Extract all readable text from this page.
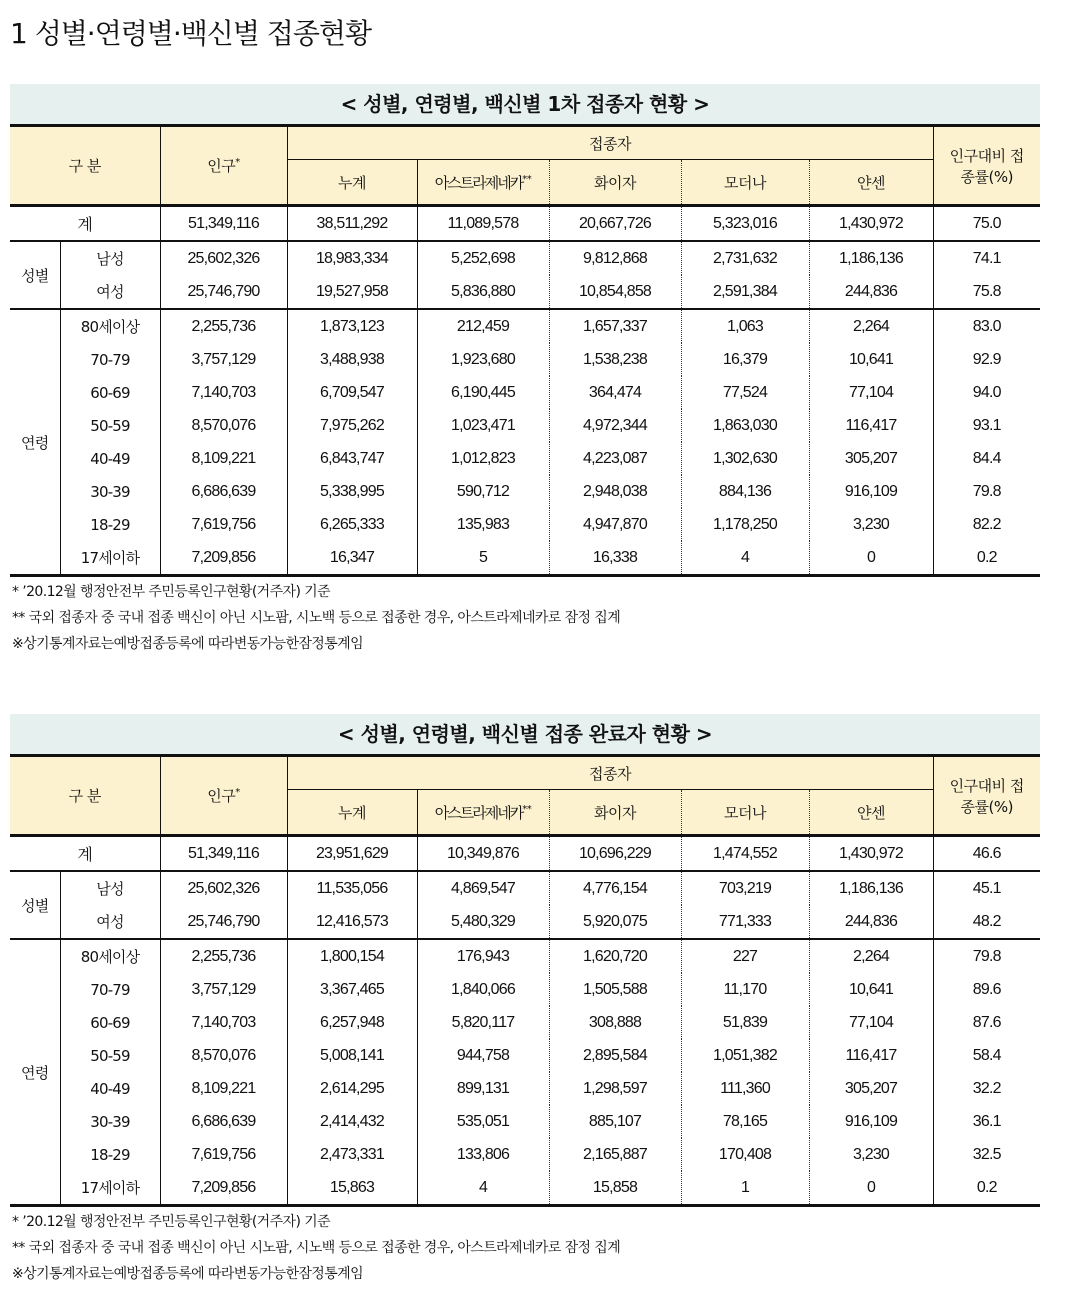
1 성별·연령별·백신별 접종현황
< 성별, 연령별, 백신별 1차 접종자 현황 >
구 분		인구*	접종자					인구대비 접
종률(%)
			누계	아스트라제네카**	화이자	모더나	얀센	
계		51,349,116	38,511,292	11,089,578	20,667,726	5,323,016	1,430,972	75.0
성별	남성	25,602,326	18,983,334	5,252,698	9,812,868	2,731,632	1,186,136	74.1
	여성	25,746,790	19,527,958	5,836,880	10,854,858	2,591,384	244,836	75.8
연령	80세이상	2,255,736	1,873,123	212,459	1,657,337	1,063	2,264	83.0
	70-79	3,757,129	3,488,938	1,923,680	1,538,238	16,379	10,641	92.9
	60-69	7,140,703	6,709,547	6,190,445	364,474	77,524	77,104	94.0
	50-59	8,570,076	7,975,262	1,023,471	4,972,344	1,863,030	116,417	93.1
	40-49	8,109,221	6,843,747	1,012,823	4,223,087	1,302,630	305,207	84.4
	30-39	6,686,639	5,338,995	590,712	2,948,038	884,136	916,109	79.8
	18-29	7,619,756	6,265,333	135,983	4,947,870	1,178,250	3,230	82.2
	17세이하	7,209,856	16,347	5	16,338	4	0	0.2
* ’20.12월 행정안전부 주민등록인구현황(거주자) 기준
** 국외 접종자 중 국내 접종 백신이 아닌 시노팜, 시노백 등으로 접종한 경우, 아스트라제네카로 잠정 집계
※상기통계자료는예방접종등록에 따라변동가능한잠정통계임
< 성별, 연령별, 백신별 접종 완료자 현황 >
구 분		인구*	접종자					인구대비 접
종률(%)
			누계	아스트라제네카**	화이자	모더나	얀센	
계		51,349,116	23,951,629	10,349,876	10,696,229	1,474,552	1,430,972	46.6
성별	남성	25,602,326	11,535,056	4,869,547	4,776,154	703,219	1,186,136	45.1
	여성	25,746,790	12,416,573	5,480,329	5,920,075	771,333	244,836	48.2
연령	80세이상	2,255,736	1,800,154	176,943	1,620,720	227	2,264	79.8
	70-79	3,757,129	3,367,465	1,840,066	1,505,588	11,170	10,641	89.6
	60-69	7,140,703	6,257,948	5,820,117	308,888	51,839	77,104	87.6
	50-59	8,570,076	5,008,141	944,758	2,895,584	1,051,382	116,417	58.4
	40-49	8,109,221	2,614,295	899,131	1,298,597	111,360	305,207	32.2
	30-39	6,686,639	2,414,432	535,051	885,107	78,165	916,109	36.1
	18-29	7,619,756	2,473,331	133,806	2,165,887	170,408	3,230	32.5
	17세이하	7,209,856	15,863	4	15,858	1	0	0.2
* ’20.12월 행정안전부 주민등록인구현황(거주자) 기준
** 국외 접종자 중 국내 접종 백신이 아닌 시노팜, 시노백 등으로 접종한 경우, 아스트라제네카로 잠정 집계
※상기통계자료는예방접종등록에 따라변동가능한잠정통계임
